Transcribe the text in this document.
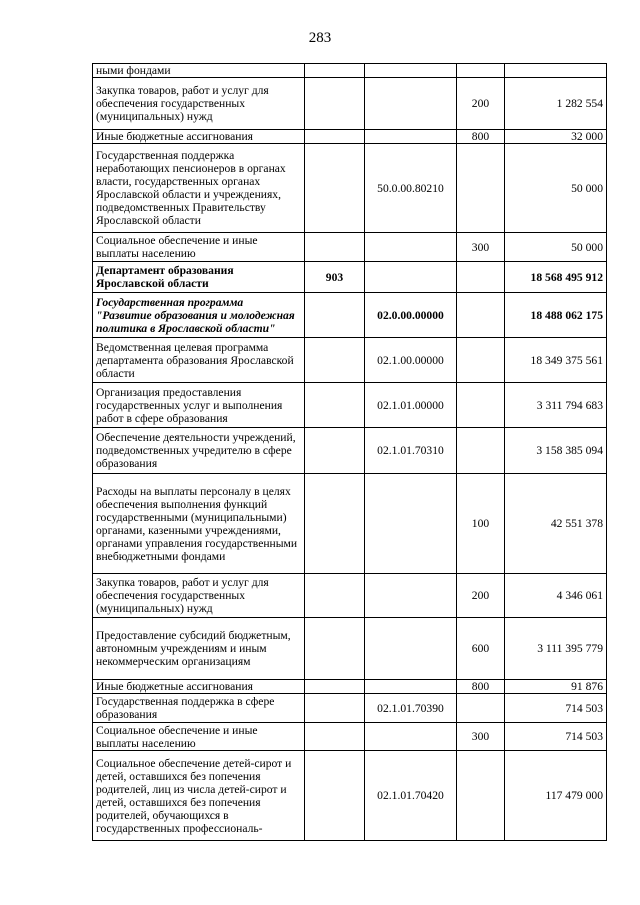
283
ными фондами				
Закупка товаров, работ и услуг для обеспечения государственных (муниципальных) нужд			200	1 282 554
Иные бюджетные ассигнования			800	32 000
Государственная поддержка неработающих пенсионеров в органах власти, государственных органах Ярославской области и учреждениях, подведомственных Правительству Ярославской области		50.0.00.80210		50 000
Социальное обеспечение и иные выплаты населению			300	50 000
Департамент образования Ярославской области	903			18 568 495 912
Государственная программа "Развитие образования и молодежная политика в Ярославской области"		02.0.00.00000		18 488 062 175
Ведомственная целевая программа департамента образования Ярославской области		02.1.00.00000		18 349 375 561
Организация предоставления государственных услуг и выполнения работ в сфере образования		02.1.01.00000		3 311 794 683
Обеспечение деятельности учреждений, подведомственных учредителю в сфере образования		02.1.01.70310		3 158 385 094
Расходы на выплаты персоналу в целях обеспечения выполнения функций государственными (муниципальными) органами, казенными учреждениями, органами управления государственными внебюджетными фондами			100	42 551 378
Закупка товаров, работ и услуг для обеспечения государственных (муниципальных) нужд			200	4 346 061
Предоставление субсидий бюджетным, автономным учреждениям и иным некоммерческим организациям			600	3 111 395 779
Иные бюджетные ассигнования			800	91 876
Государственная поддержка в сфере образования		02.1.01.70390		714 503
Социальное обеспечение и иные выплаты населению			300	714 503
Социальное обеспечение детей-сирот и детей, оставшихся без попечения родителей, лиц из числа детей-сирот и детей, оставшихся без попечения родителей, обучающихся в государственных профессиональ-		02.1.01.70420		117 479 000
